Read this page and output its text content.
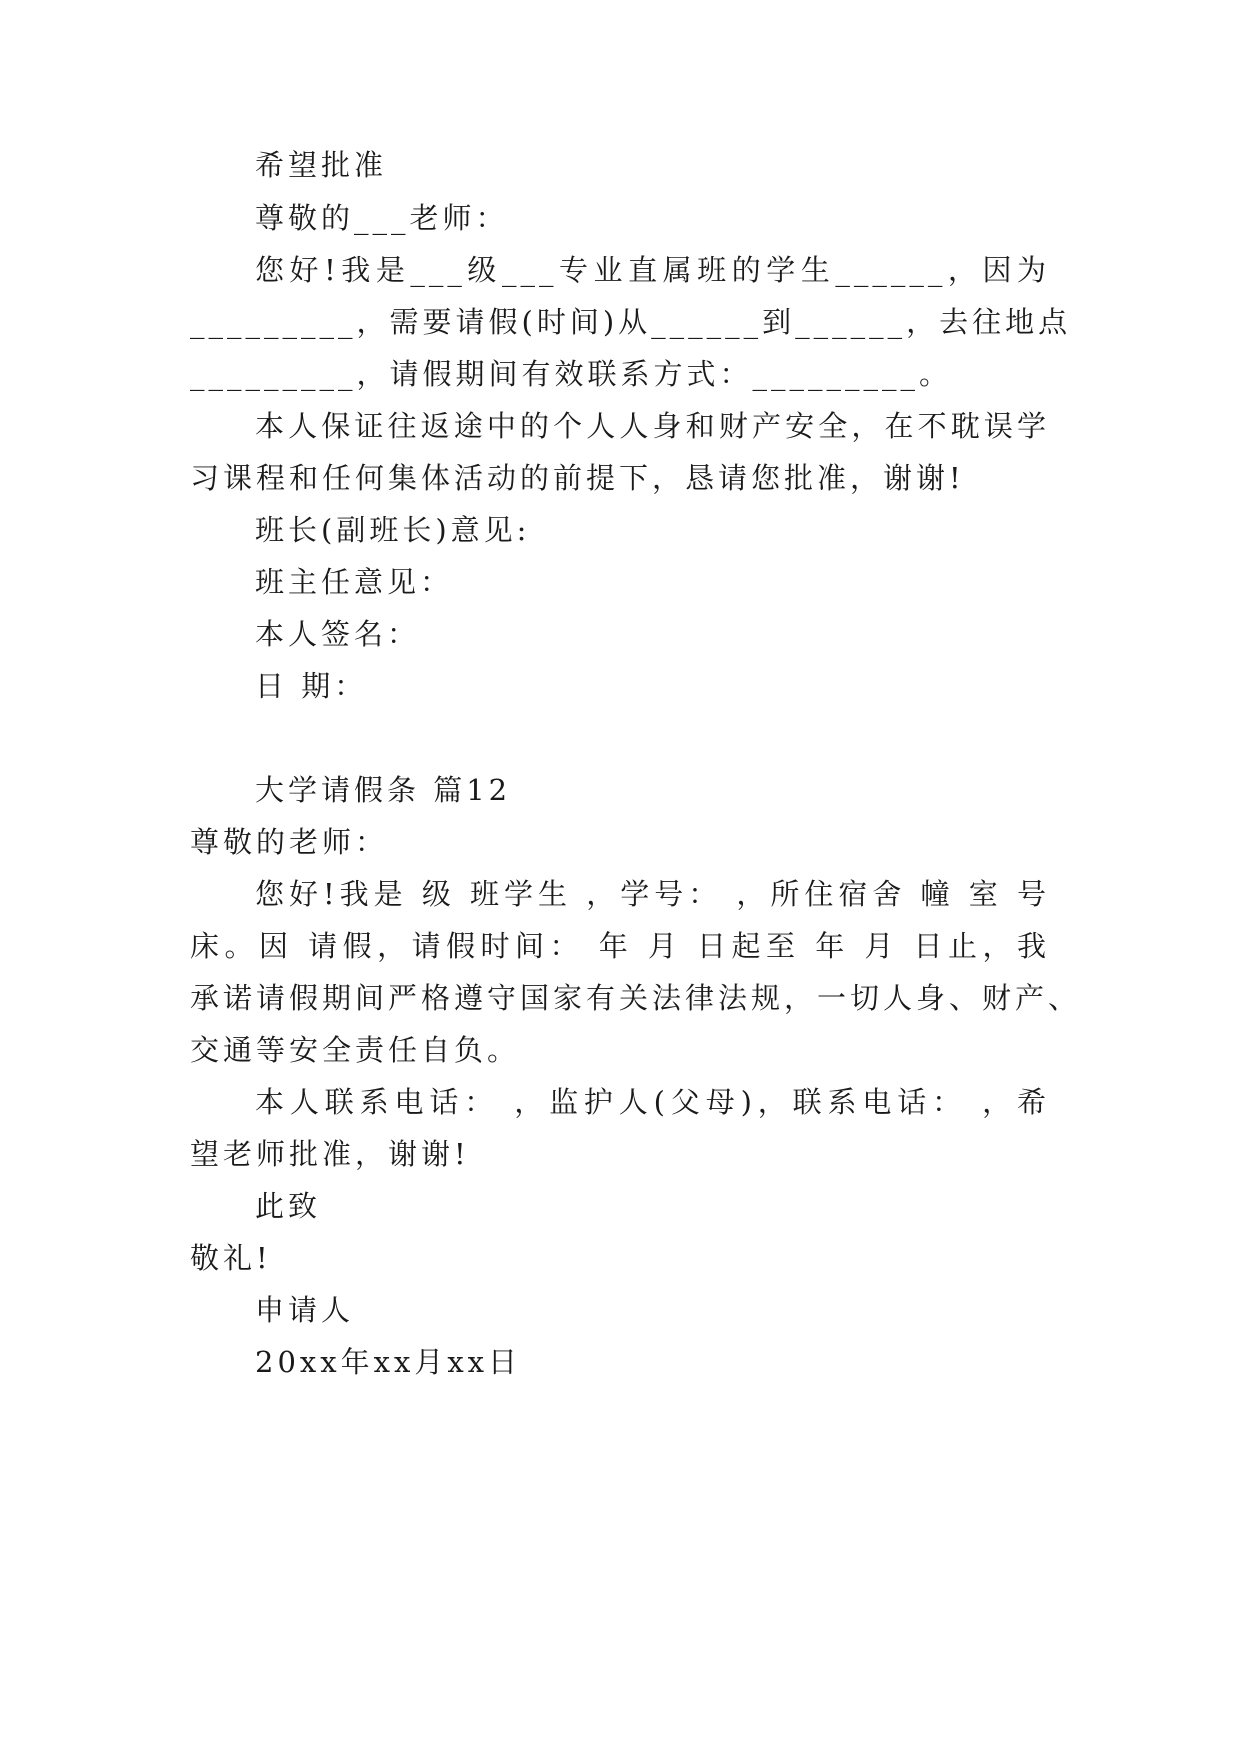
希望批准
尊敬的___老师：
您好!我是___级___专业直属班的学生______，因为
_________，需要请假(时间)从______到______，去往地点
_________，请假期间有效联系方式：_________。
本人保证往返途中的个人人身和财产安全，在不耽误学
习课程和任何集体活动的前提下，恳请您批准，谢谢!
班长(副班长)意见:
班主任意见：
本人签名：
日 期：
大学请假条 篇12
尊敬的老师：
您好!我是 级 班学生 ，学号： ，所住宿舍 幢 室 号
床。因 请假，请假时间： 年 月 日起至 年 月 日止，我
承诺请假期间严格遵守国家有关法律法规，一切人身、财产、
交通等安全责任自负。
本人联系电话： ，监护人(父母)，联系电话： ，希
望老师批准，谢谢!
此致
敬礼!
申请人
20xx年xx月xx日
